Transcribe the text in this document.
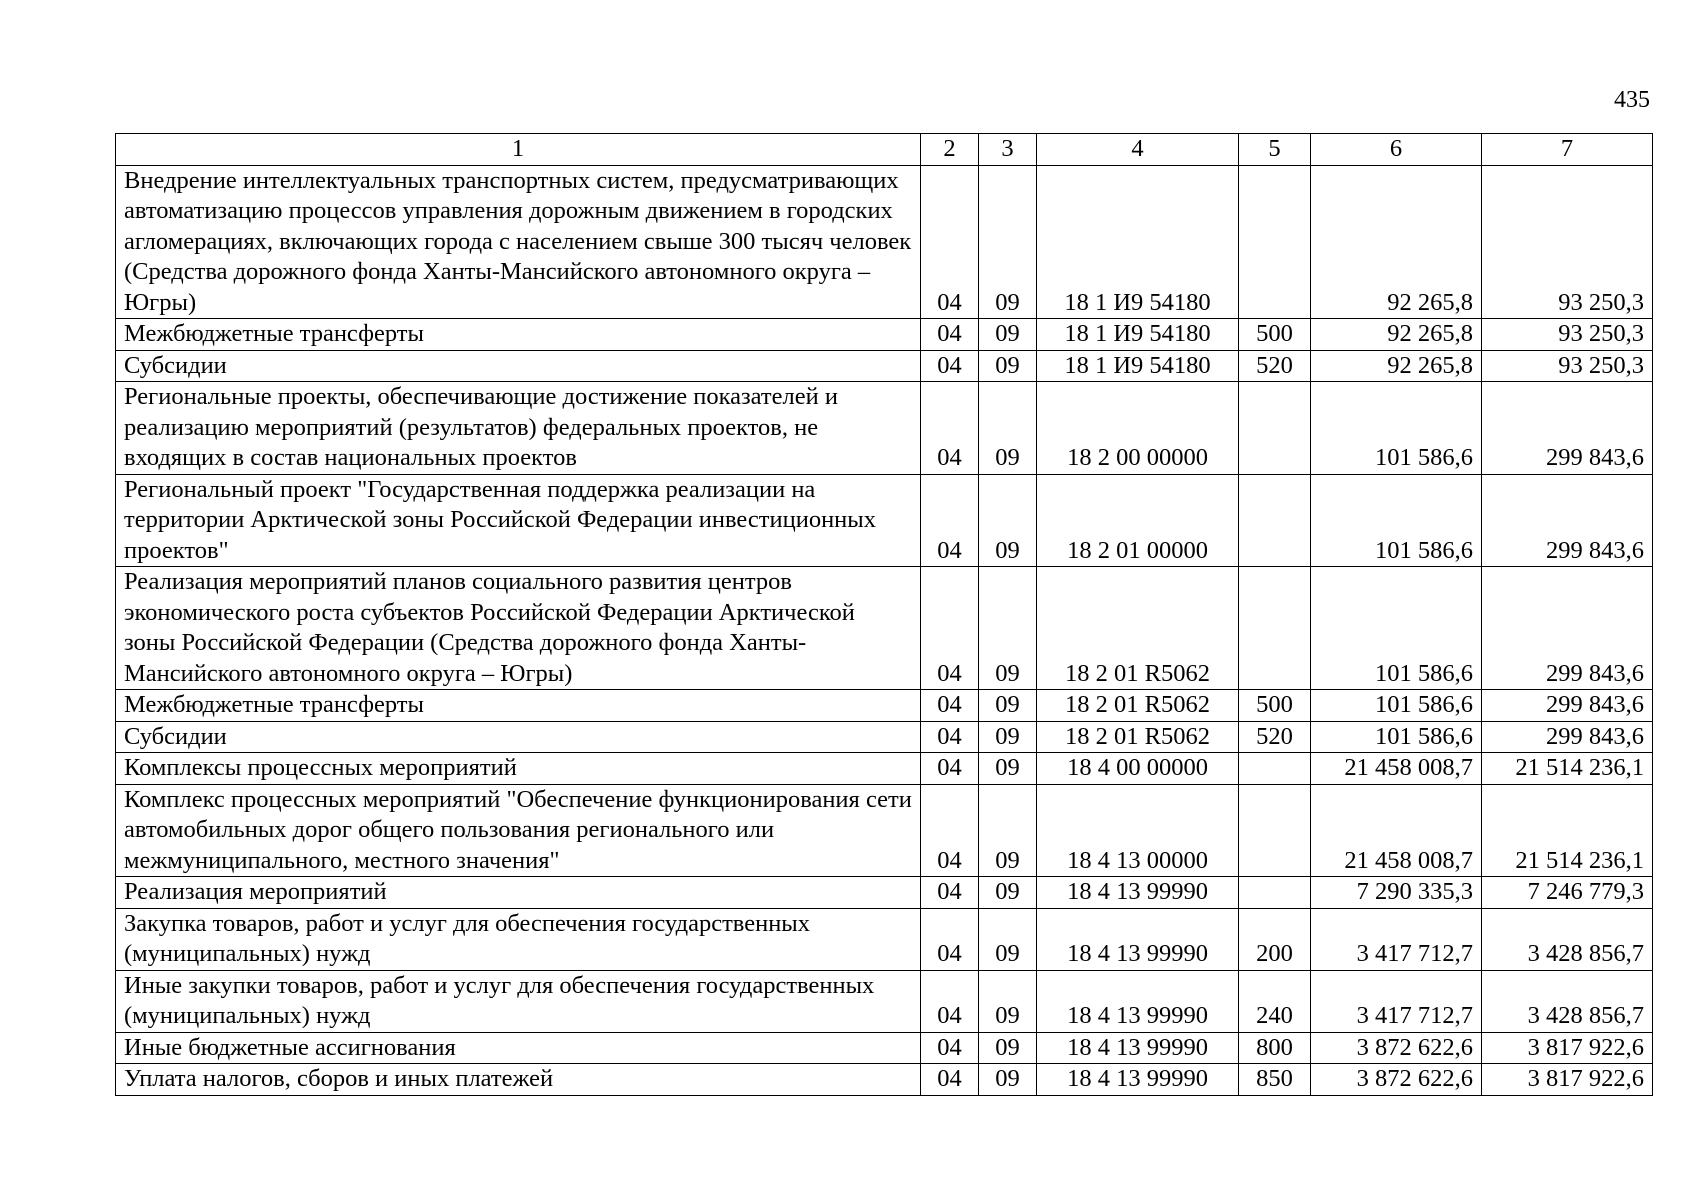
435
1	2	3	4	5	6	7
Внедрение интеллектуальных транспортных систем, предусматривающих автоматизацию процессов управления дорожным движением в городских агломерациях, включающих города с населением свыше 300 тысяч человек (Средства дорожного фонда Ханты-Мансийского автономного округа – Югры)	04	09	18 1 И9 54180		92 265,8	93 250,3
Межбюджетные трансферты	04	09	18 1 И9 54180	500	92 265,8	93 250,3
Субсидии	04	09	18 1 И9 54180	520	92 265,8	93 250,3
Региональные проекты, обеспечивающие достижение показателей и реализацию мероприятий (результатов) федеральных проектов, не входящих в состав национальных проектов	04	09	18 2 00 00000		101 586,6	299 843,6
Региональный проект "Государственная поддержка реализации на территории Арктической зоны Российской Федерации инвестиционных проектов"	04	09	18 2 01 00000		101 586,6	299 843,6
Реализация мероприятий планов социального развития центров экономического роста субъектов Российской Федерации Арктической зоны Российской Федерации (Средства дорожного фонда Ханты-Мансийского автономного округа – Югры)	04	09	18 2 01 R5062		101 586,6	299 843,6
Межбюджетные трансферты	04	09	18 2 01 R5062	500	101 586,6	299 843,6
Субсидии	04	09	18 2 01 R5062	520	101 586,6	299 843,6
Комплексы процессных мероприятий	04	09	18 4 00 00000		21 458 008,7	21 514 236,1
Комплекс процессных мероприятий "Обеспечение функционирования сети автомобильных дорог общего пользования регионального или межмуниципального, местного значения"	04	09	18 4 13 00000		21 458 008,7	21 514 236,1
Реализация мероприятий	04	09	18 4 13 99990		7 290 335,3	7 246 779,3
Закупка товаров, работ и услуг для обеспечения государственных (муниципальных) нужд	04	09	18 4 13 99990	200	3 417 712,7	3 428 856,7
Иные закупки товаров, работ и услуг для обеспечения государственных (муниципальных) нужд	04	09	18 4 13 99990	240	3 417 712,7	3 428 856,7
Иные бюджетные ассигнования	04	09	18 4 13 99990	800	3 872 622,6	3 817 922,6
Уплата налогов, сборов и иных платежей	04	09	18 4 13 99990	850	3 872 622,6	3 817 922,6
